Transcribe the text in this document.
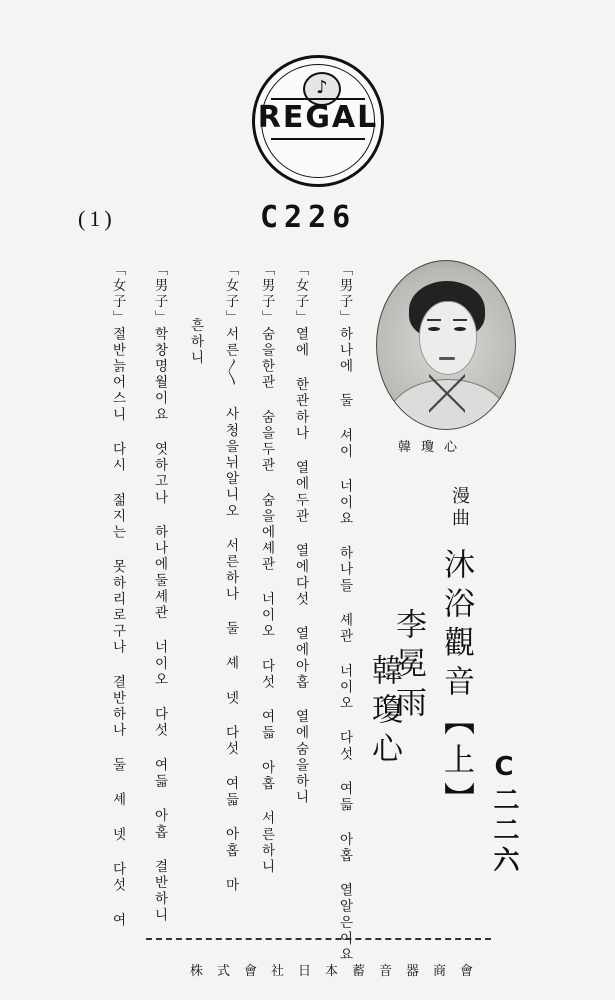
♪
REGAL
C226
(1)
韓瓊心
C二二六
漫曲
沐浴觀音【上】
李冕雨
韓瓊心
「男子」하나에 둘 셔이 너이요 하나들 셰관 너이오 다섯 여듧 아홉 열알은이요
「女子」열에 한관하나 열에두관 열에다섯 열에아홉 열에숨을하니
「男子」숨을한관 숨을두관 숨을에셰관 너이오 다섯 여듧 아홉 서른하니
「女子」서른〳〵 사청을뉘알니오 서른하나 둘 셰 넷 다섯 여듧 아홉 마
흔하니
「男子」학창명월이요 엿하고나 하나에둘셰관 너이오 다섯 여듧 아홉 결반하니
「女子」절반늙어스니 다시 젊지는 못하리로구나 결반하나 둘 셰 넷 다섯 여
株式會社日本蓄音器商會
